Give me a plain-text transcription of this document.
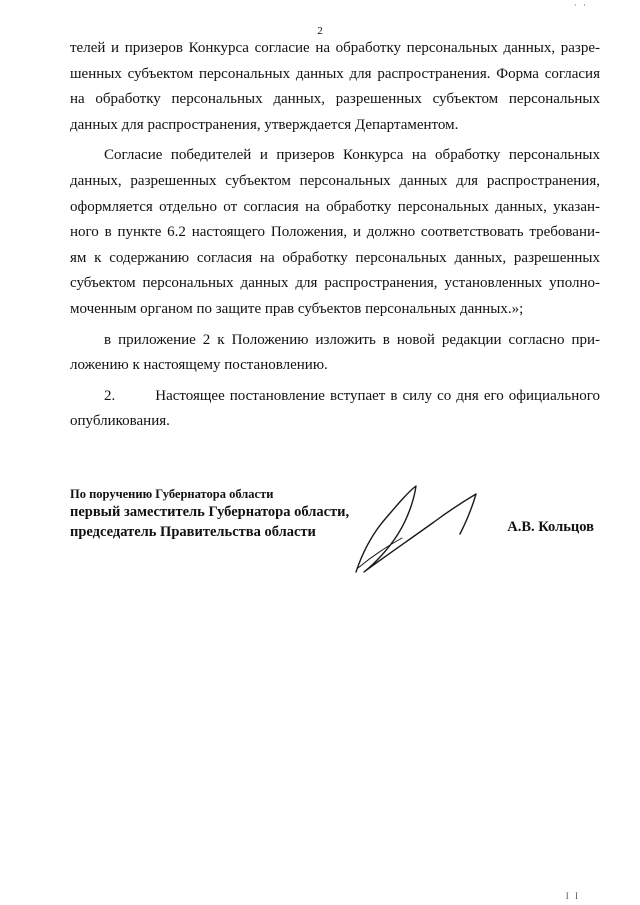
· ·
2

телей и призеров Конкурса согласие на обработку персональных данных, разре-
шенных субъектом персональных данных для распространения. Форма согласия
на обработку персональных данных, разрешенных субъектом персональных
данных для распространения, утверждается Департаментом.

Согласие победителей и призеров Конкурса на обработку персональных
данных, разрешенных субъектом персональных данных для распространения,
оформляется отдельно от согласия на обработку персональных данных, указан-
ного в пункте 6.2 настоящего Положения, и должно соответствовать требовани-
ям к содержанию согласия на обработку персональных данных, разрешенных
субъектом персональных данных для распространения, установленных уполно-
моченным органом по защите прав субъектов персональных данных.»;

в приложение 2 к Положению изложить в новой редакции согласно при-
ложению к настоящему постановлению.

2.        Настоящее постановление вступает в силу со дня его официального
опубликования.

По поручению Губернатора области
первый заместитель Губернатора области,
председатель Правительства области	А.В. Кольцов
I I
